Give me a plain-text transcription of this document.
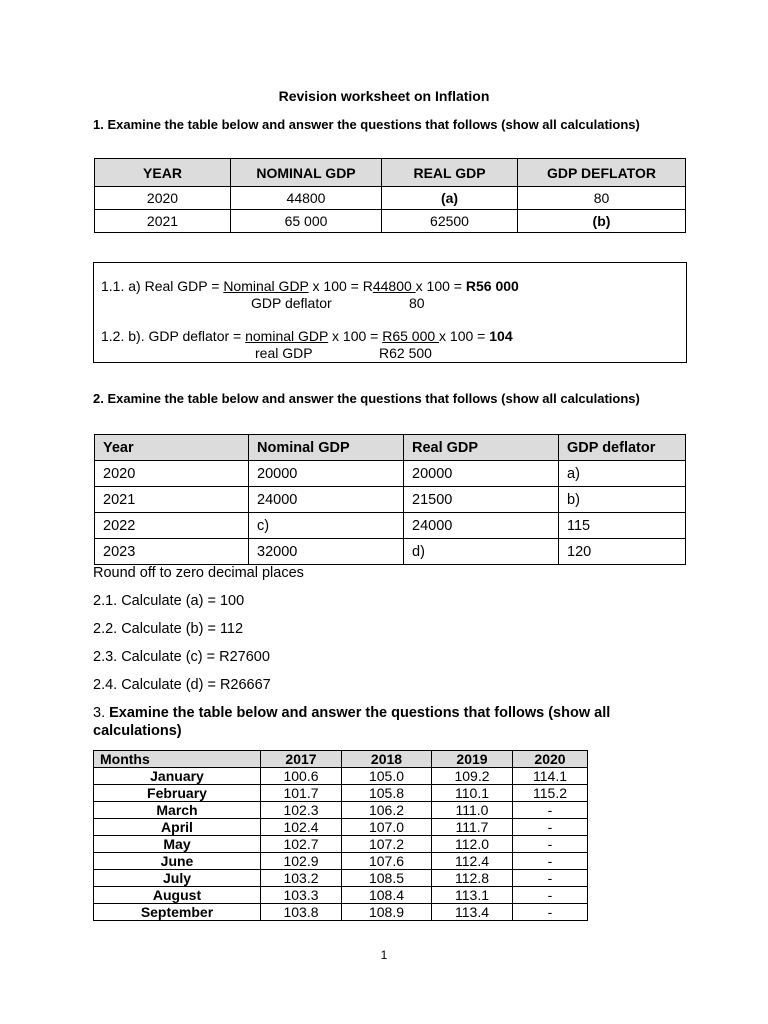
Revision worksheet on Inflation
1. Examine the table below and answer the questions that follows (show all calculations)
YEAR	NOMINAL GDP	REAL GDP	GDP DEFLATOR
2020	44800	(a)	80
2021	65 000	62500	(b)
1.1. a) Real GDP = Nominal GDP x 100 = R44800 x 100 = R56 000
GDP deflator	80
1.2. b). GDP deflator = nominal GDP x 100 = R65 000 x 100 = 104
real GDP	R62 500
2. Examine the table below and answer the questions that follows (show all calculations)
Year	Nominal GDP	Real GDP	GDP deflator
2020	20000	20000	a)
2021	24000	21500	b)
2022	c)	24000	115
2023	32000	d)	120
Round off to zero decimal places
2.1. Calculate (a) = 100
2.2. Calculate (b) = 112
2.3. Calculate (c) = R27600
2.4. Calculate (d) = R26667
3. Examine the table below and answer the questions that follows (show all calculations)
Months	2017	2018	2019	2020
January	100.6	105.0	109.2	114.1
February	101.7	105.8	110.1	115.2
March	102.3	106.2	111.0	-
April	102.4	107.0	111.7	-
May	102.7	107.2	112.0	-
June	102.9	107.6	112.4	-
July	103.2	108.5	112.8	-
August	103.3	108.4	113.1	-
September	103.8	108.9	113.4	-
1
